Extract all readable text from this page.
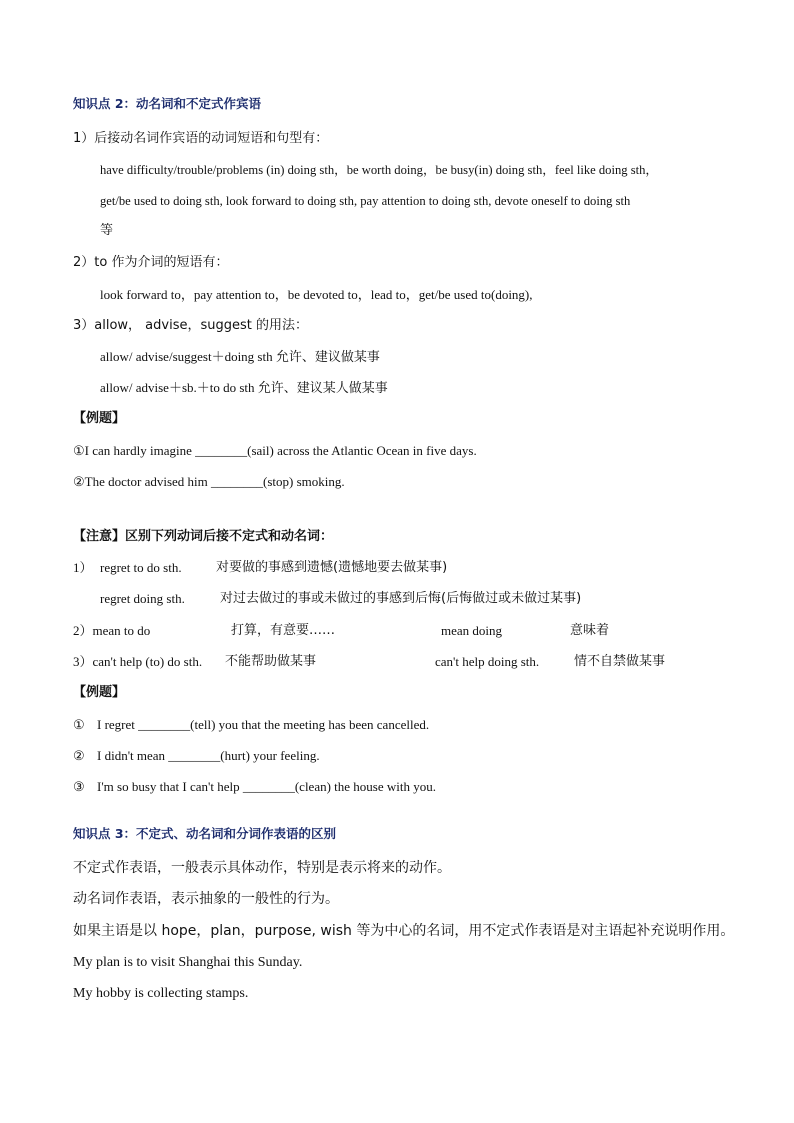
知识点 2：动名词和不定式作宾语
1）后接动名词作宾语的动词短语和句型有：
have difficulty/trouble/problems (in) doing sth，be worth doing，be busy(in) doing sth，feel like doing sth，
get/be used to doing sth, look forward to doing sth, pay attention to doing sth, devote oneself to doing sth
等
2）to 作为介词的短语有：
look forward to，pay attention to，be devoted to，lead to，get/be used to(doing),
3）allow， advise，suggest 的用法：
allow/ advise/suggest＋doing sth 允许、建议做某事
allow/ advise＋sb.＋to do sth 允许、建议某人做某事
【例题】
①I can hardly imagine ________(sail) across the Atlantic Ocean in five days.
②The doctor advised him ________(stop) smoking.
【注意】区别下列动词后接不定式和动名词：
1） regret to do sth.	对要做的事感到遗憾(遗憾地要去做某事)
regret doing sth.	对过去做过的事或未做过的事感到后悔(后悔做过或未做过某事)
2）mean to do	打算，有意要……	mean doing	意味着
3）can't help (to) do sth. 不能帮助做某事	can't help doing sth.	情不自禁做某事
【例题】
① I regret ________(tell) you that the meeting has been cancelled.
② I didn't mean ________(hurt) your feeling.
③ I'm so busy that I can't help ________(clean) the house with you.
知识点 3：不定式、动名词和分词作表语的区别
不定式作表语，一般表示具体动作，特别是表示将来的动作。
动名词作表语，表示抽象的一般性的行为。
如果主语是以 hope，plan，purpose, wish 等为中心的名词，用不定式作表语是对主语起补充说明作用。
My plan is to visit Shanghai this Sunday.
My hobby is collecting stamps.
